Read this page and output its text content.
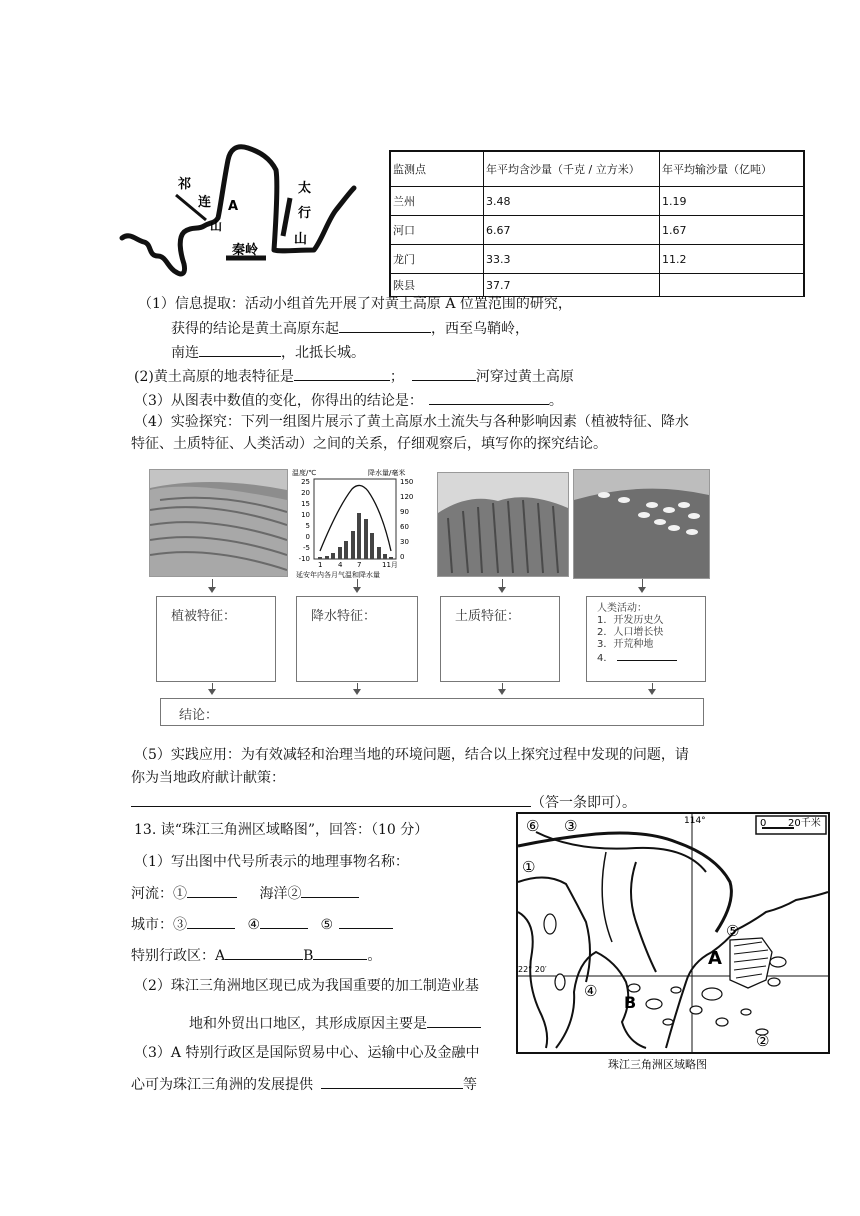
祁
连
山
A
秦岭
太
行
山
监测点	年平均含沙量（千克 / 立方米）	年平均输沙量（亿吨）
兰州	3.48	1.19
河口	6.67	1.67
龙门	33.3	11.2
陕县	37.7	
（1）信息提取：活动小组首先开展了对黄土高原 A 位置范围的研究，
获得的结论是黄土高原东起	，西至乌鞘岭，
南连	，北抵长城。
(2)黄土高原的地表特征是	；	河穿过黄土高原
（3）从图表中数值的变化，你得出的结论是：	。
（4）实验探究：下列一组图片展示了黄土高原水土流失与各种影响因素（植被特征、降水
特征、土质特征、人类活动）之间的关系，仔细观察后，填写你的探究结论。
温度/℃	降水量/毫米
25
20
15
10
5
0
-5
-10
150
120
90
60
30
0
1 4 7	11月
延安年内各月气温和降水量
植被特征：	降水特征：	土质特征：
人类活动：
1．开发历史久
2．人口增长快
3．开荒种地
4．
结论：
（5）实践应用：为有效减轻和治理当地的环境问题，结合以上探究过程中发现的问题，请
你为当地政府献计献策：
（答一条即可）。
13. 读“珠江三角洲区域略图”，回答：（10 分）
（1）写出图中代号所表示的地理事物名称：
河流：①	海洋②
城市：③	④	⑤
特别行政区：A	B	。
（2）珠江三角洲地区现已成为我国重要的加工制造业基
地和外贸出口地区，其形成原因主要是
（3）A 特别行政区是国际贸易中心、运输中心及金融中
心可为珠江三角洲的发展提供	等
0 20千米
114°
22° 20′
⑥ ③
①
⑤
④
②
A
B
珠江三角洲区域略图
